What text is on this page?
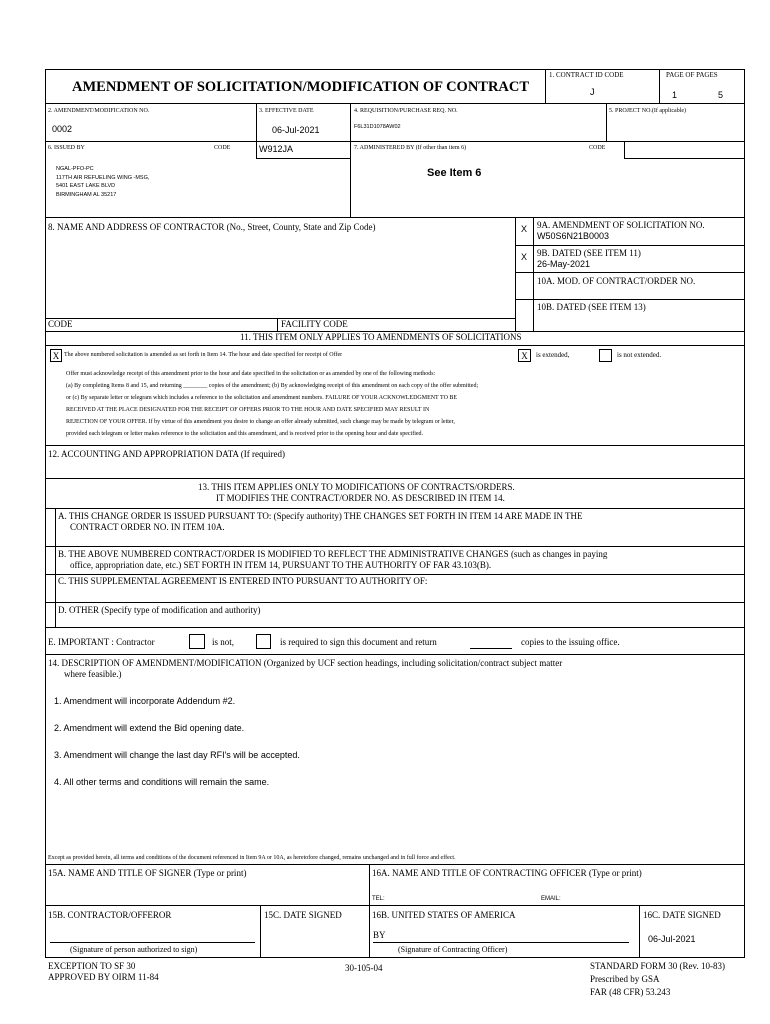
AMENDMENT OF SOLICITATION/MODIFICATION OF CONTRACT
1. CONTRACT ID CODE
J
PAGE OF PAGES
1	5
2. AMENDMENT/MODIFICATION NO.
0002
3. EFFECTIVE DATE
06-Jul-2021
4. REQUISITION/PURCHASE REQ. NO.
F6L31D1078AW02
5. PROJECT NO.(If applicable)
6. ISSUED BY	CODE	W912JA	7. ADMINISTERED BY (If other than item 6)	CODE
NGAL-PFO-PC
117TH AIR REFUELING WING -MSG,
5401 EAST LAKE BLVD
BIRMINGHAM AL 35217
See Item 6
8. NAME AND ADDRESS OF CONTRACTOR (No., Street, County, State and Zip Code)	X 9A. AMENDMENT OF SOLICITATION NO.
W50S6N21B0003
X 9B. DATED (SEE ITEM 11)
26-May-2021
10A. MOD. OF CONTRACT/ORDER NO.
10B. DATED (SEE ITEM 13)
CODE	FACILITY CODE
11. THIS ITEM ONLY APPLIES TO AMENDMENTS OF SOLICITATIONS
X The above numbered solicitation is amended as set forth in Item 14. The hour and date specified for receipt of Offer	X	is extended,	is not extended.
Offer must acknowledge receipt of this amendment prior to the hour and date specified in the solicitation or as amended by one of the following methods:
(a) By completing Items 8 and 15, and returning ________ copies of the amendment; (b) By acknowledging receipt of this amendment on each copy of the offer submitted;
or (c) By separate letter or telegram which includes a reference to the solicitation and amendment numbers. FAILURE OF YOUR ACKNOWLEDGMENT TO BE
RECEIVED AT THE PLACE DESIGNATED FOR THE RECEIPT OF OFFERS PRIOR TO THE HOUR AND DATE SPECIFIED MAY RESULT IN
REJECTION OF YOUR OFFER. If by virtue of this amendment you desire to change an offer already submitted, such change may be made by telegram or letter,
provided each telegram or letter makes reference to the solicitation and this amendment, and is received prior to the opening hour and date specified.
12. ACCOUNTING AND APPROPRIATION DATA (If required)
13. THIS ITEM APPLIES ONLY TO MODIFICATIONS OF CONTRACTS/ORDERS.
IT MODIFIES THE CONTRACT/ORDER NO. AS DESCRIBED IN ITEM 14.
A. THIS CHANGE ORDER IS ISSUED PURSUANT TO: (Specify authority) THE CHANGES SET FORTH IN ITEM 14 ARE MADE IN THE
CONTRACT ORDER NO. IN ITEM 10A.
B. THE ABOVE NUMBERED CONTRACT/ORDER IS MODIFIED TO REFLECT THE ADMINISTRATIVE CHANGES (such as changes in paying
office, appropriation date, etc.) SET FORTH IN ITEM 14, PURSUANT TO THE AUTHORITY OF FAR 43.103(B).
C. THIS SUPPLEMENTAL AGREEMENT IS ENTERED INTO PURSUANT TO AUTHORITY OF:
D. OTHER (Specify type of modification and authority)
E. IMPORTANT : Contractor	is not,	is required to sign this document and return	copies to the issuing office.
14. DESCRIPTION OF AMENDMENT/MODIFICATION (Organized by UCF section headings, including solicitation/contract subject matter
where feasible.)
1. Amendment will incorporate Addendum #2.
2. Amendment will extend the Bid opening date.
3. Amendment will change the last day RFI's will be accepted.
4. All other terms and conditions will remain the same.
Except as provided herein, all terms and conditions of the document referenced in Item 9A or 10A, as heretofore changed, remains unchanged and in full force and effect.
15A. NAME AND TITLE OF SIGNER (Type or print)	16A. NAME AND TITLE OF CONTRACTING OFFICER (Type or print)
TEL:	EMAIL:
15B. CONTRACTOR/OFFEROR	15C. DATE SIGNED	16B. UNITED STATES OF AMERICA	16C. DATE SIGNED
(Signature of person authorized to sign)
BY
(Signature of Contracting Officer)
06-Jul-2021
EXCEPTION TO SF 30
APPROVED BY OIRM 11-84
30-105-04	STANDARD FORM 30 (Rev. 10-83)
Prescribed by GSA
FAR (48 CFR) 53.243
